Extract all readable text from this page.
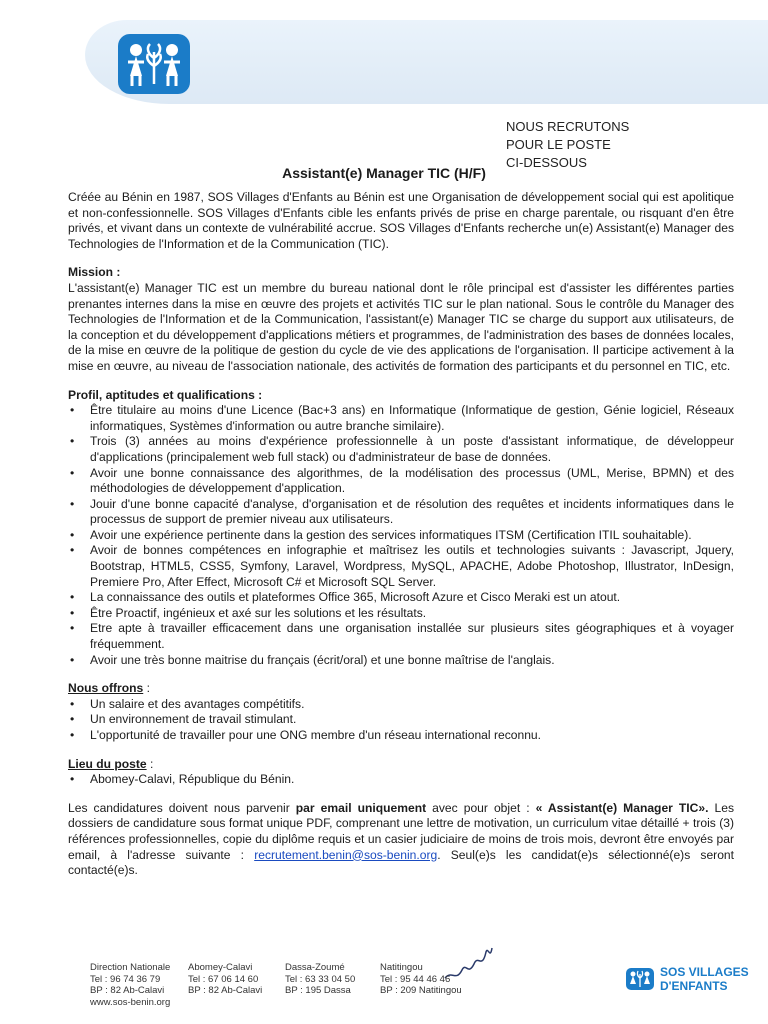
NOUS RECRUTONS
POUR LE POSTE
CI-DESSOUS
Assistant(e) Manager TIC (H/F)

Créée au Bénin en 1987, SOS Villages d'Enfants au Bénin est une Organisation de développement social qui est apolitique et non-confessionnelle. SOS Villages d'Enfants cible les enfants privés de prise en charge parentale, ou risquant d'en être privés, et vivant dans un contexte de vulnérabilité accrue. SOS Villages d'Enfants recherche un(e) Assistant(e) Manager des Technologies de l'Information et de la Communication (TIC).

Mission :

L'assistant(e) Manager TIC est un membre du bureau national dont le rôle principal est d'assister les différentes parties prenantes internes dans la mise en œuvre des projets et activités TIC sur le plan national. Sous le contrôle du Manager des Technologies de l'Information et de la Communication, l'assistant(e) Manager TIC se charge du support aux utilisateurs, de la conception et du développement d'applications métiers et programmes, de l'administration des bases de données locales, de la mise en œuvre de la politique de gestion du cycle de vie des applications de l'organisation. Il participe activement à la mise en œuvre, au niveau de l'association nationale, des activités de formation des participants et du personnel en TIC, etc.

Profil, aptitudes et qualifications :

• Être titulaire au moins d'une Licence (Bac+3 ans) en Informatique (Informatique de gestion, Génie logiciel, Réseaux informatiques, Systèmes d'information ou autre branche similaire).
• Trois (3) années au moins d'expérience professionnelle à un poste d'assistant informatique, de développeur d'applications (principalement web full stack) ou d'administrateur de base de données.
• Avoir une bonne connaissance des algorithmes, de la modélisation des processus (UML, Merise, BPMN) et des méthodologies de développement d'application.
• Jouir d'une bonne capacité d'analyse, d'organisation et de résolution des requêtes et incidents informatiques dans le processus de support de premier niveau aux utilisateurs.
• Avoir une expérience pertinente dans la gestion des services informatiques ITSM (Certification ITIL souhaitable).
• Avoir de bonnes compétences en infographie et maîtrisez les outils et technologies suivants : Javascript, Jquery, Bootstrap, HTML5, CSS5, Symfony, Laravel, Wordpress, MySQL, APACHE, Adobe Photoshop, Illustrator, InDesign, Premiere Pro, After Effect, Microsoft C# et Microsoft SQL Server.
• La connaissance des outils et plateformes Office 365, Microsoft Azure et Cisco Meraki est un atout.
• Être Proactif, ingénieux et axé sur les solutions et les résultats.
• Etre apte à travailler efficacement dans une organisation installée sur plusieurs sites géographiques et à voyager fréquemment.
• Avoir une très bonne maitrise du français (écrit/oral) et une bonne maîtrise de l'anglais.

Nous offrons :

• Un salaire et des avantages compétitifs.
• Un environnement de travail stimulant.
• L'opportunité de travailler pour une ONG membre d'un réseau international reconnu.

Lieu du poste :

• Abomey-Calavi, République du Bénin.

Les candidatures doivent nous parvenir par email uniquement avec pour objet : « Assistant(e) Manager TIC». Les dossiers de candidature sous format unique PDF, comprenant une lettre de motivation, un curriculum vitae détaillé + trois (3) références professionnelles, copie du diplôme requis et un casier judiciaire de moins de trois mois, devront être envoyés par email, à l'adresse suivante : recrutement.benin@sos-benin.org. Seul(e)s les candidat(e)s sélectionné(e)s seront contacté(e)s.

Direction Nationale
Tel : 96 74 36 79
BP : 82 Ab-Calavi
www.sos-benin.org
Abomey-Calavi
Tel : 67 06 14 60
BP : 82 Ab-Calavi
Dassa-Zoumé
Tel : 63 33 04 50
BP : 195 Dassa
Natitingou
Tel : 95 44 46 46
BP : 209 Natitingou
SOS VILLAGES
D'ENFANTS
